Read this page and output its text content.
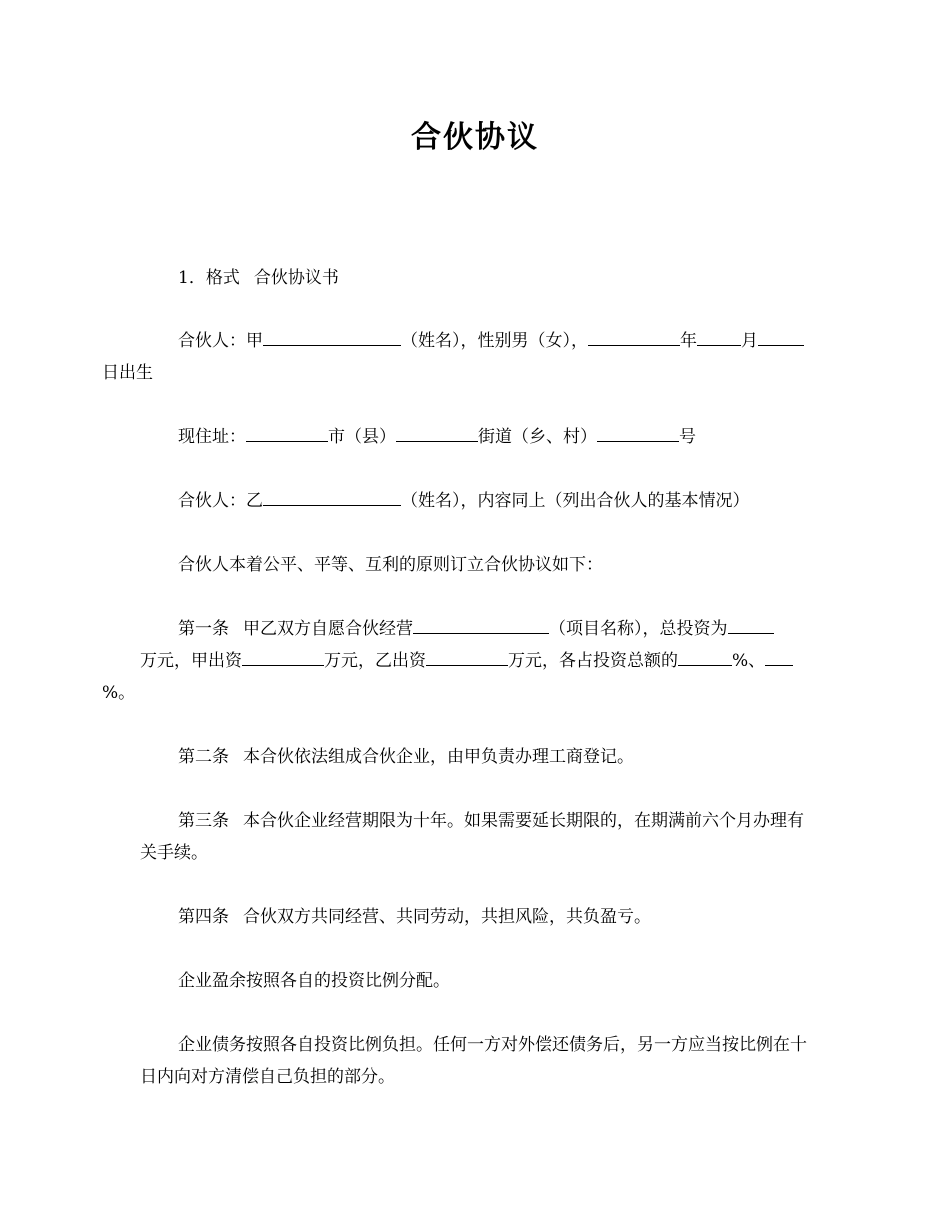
合伙协议
1．格式 合伙协议书
合伙人：甲	（姓名），性别男（女），	年	月
日出生
现住址：	市（县）	街道（乡、村）	号
合伙人：乙	（姓名），内容同上（列出合伙人的基本情况）
合伙人本着公平、平等、互利的原则订立合伙协议如下：
第一条 甲乙双方自愿合伙经营	（项目名称），总投资为万元，甲出资	万元，乙出资	万元，各占投资总额的	%、
%。
第二条 本合伙依法组成合伙企业，由甲负责办理工商登记。
第三条 本合伙企业经营期限为十年。如果需要延长期限的，在期满前六个月办理有关手续。
第四条 合伙双方共同经营、共同劳动，共担风险，共负盈亏。
企业盈余按照各自的投资比例分配。
企业债务按照各自投资比例负担。任何一方对外偿还债务后，另一方应当按比例在十日内向对方清偿自己负担的部分。
